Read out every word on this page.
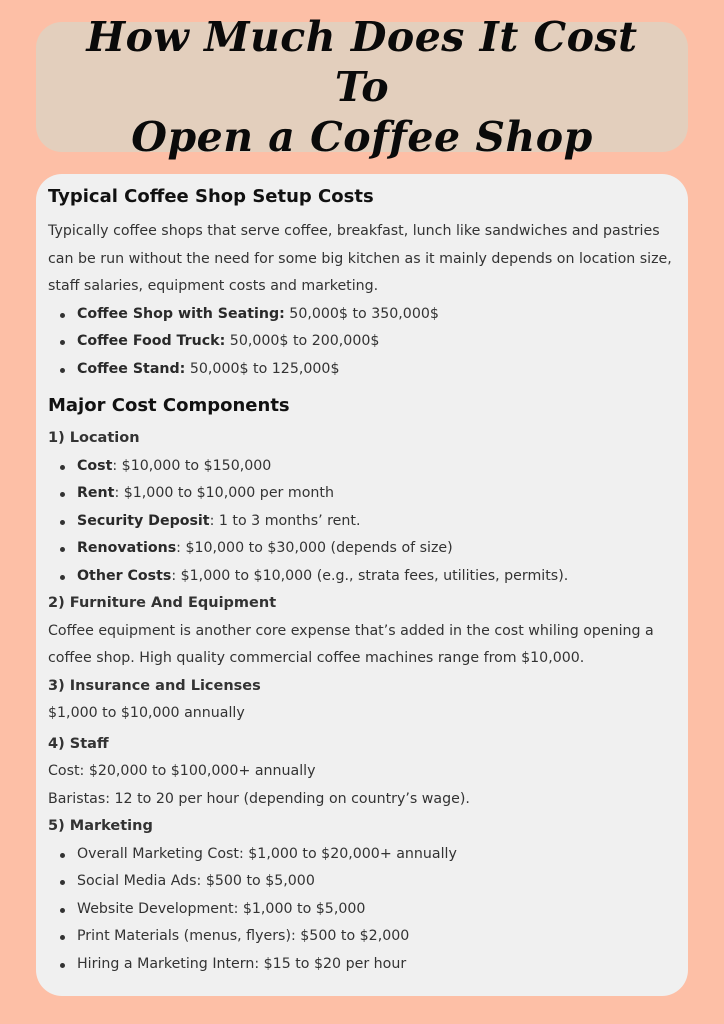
How Much Does It Cost To
Open a Coffee Shop
Typical Coffee Shop Setup Costs

Typically coffee shops that serve coffee, breakfast, lunch like sandwiches and pastries can be run without the need for some big kitchen as it mainly depends on location size, staff salaries, equipment costs and marketing.

Coffee Shop with Seating: 50,000$ to 350,000$
Coffee Food Truck: 50,000$ to 200,000$
Coffee Stand: 50,000$ to 125,000$
Major Cost Components
1) Location
Cost: $10,000 to $150,000
Rent: $1,000 to $10,000 per month
Security Deposit: 1 to 3 months’ rent.
Renovations: $10,000 to $30,000 (depends of size)
Other Costs: $1,000 to $10,000 (e.g., strata fees, utilities, permits).
2) Furniture And Equipment

Coffee equipment is another core expense that’s added in the cost whiling opening a coffee shop. High quality commercial coffee machines range from $10,000.

3) Insurance and Licenses

$1,000 to $10,000 annually

4) Staff

Cost: $20,000 to $100,000+ annually

Baristas: 12 to 20 per hour (depending on country’s wage).

5) Marketing
Overall Marketing Cost: $1,000 to $20,000+ annually
Social Media Ads: $500 to $5,000
Website Development: $1,000 to $5,000
Print Materials (menus, flyers): $500 to $2,000
Hiring a Marketing Intern: $15 to $20 per hour
